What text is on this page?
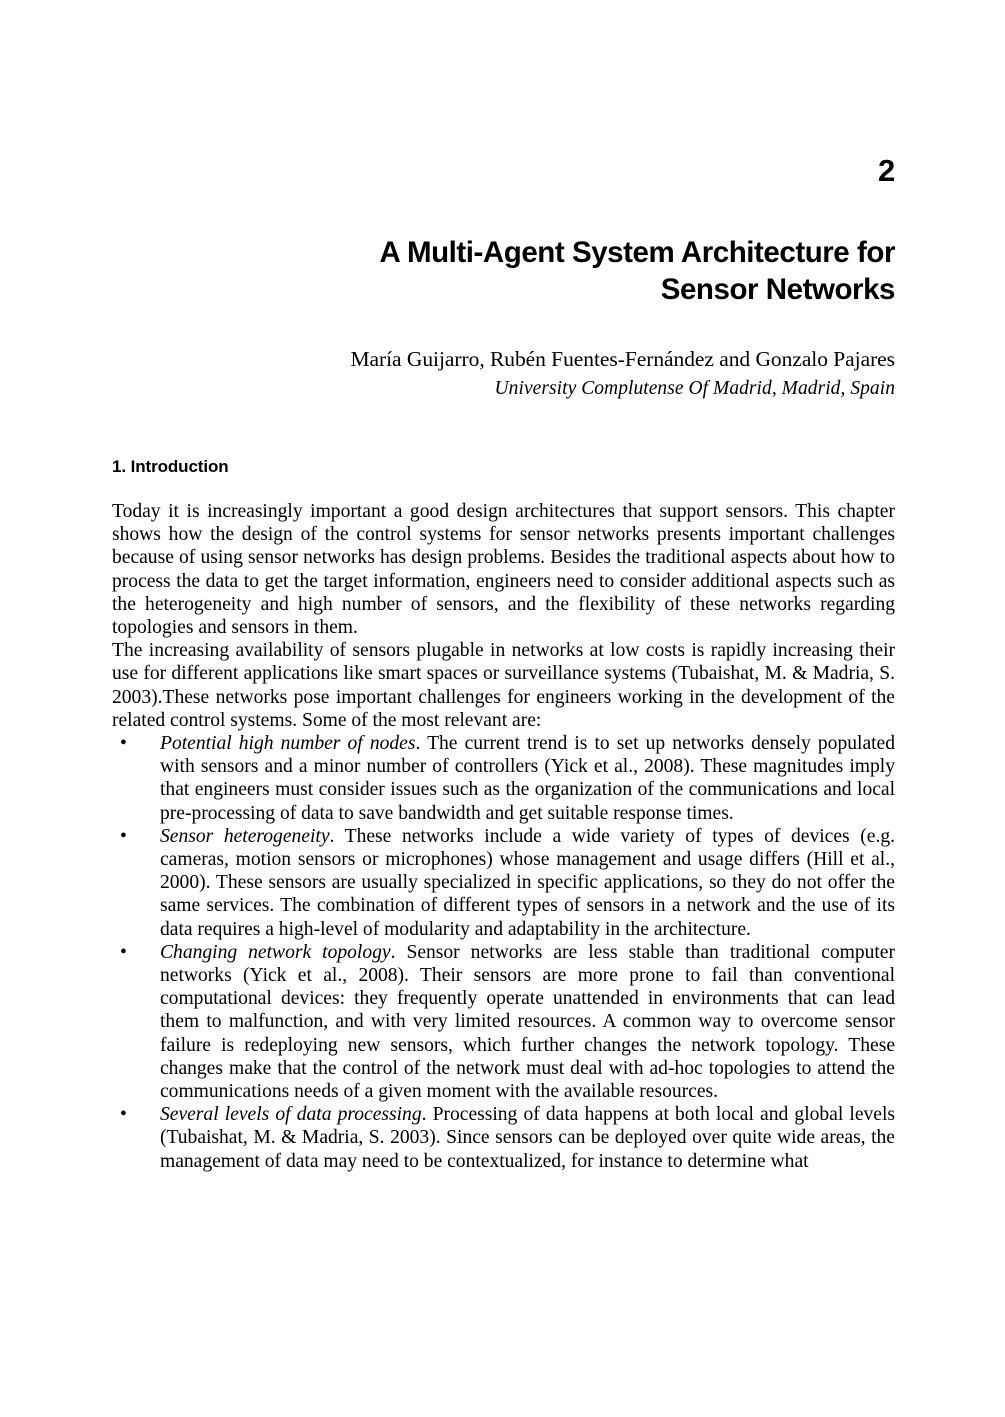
2
A Multi-Agent System Architecture for
Sensor Networks
María Guijarro, Rubén Fuentes-Fernández and Gonzalo Pajares
University Complutense Of Madrid, Madrid, Spain
1. Introduction

Today it is increasingly important a good design architectures that support sensors. This chapter shows how the design of the control systems for sensor networks presents important challenges because of using sensor networks has design problems. Besides the traditional aspects about how to process the data to get the target information, engineers need to consider additional aspects such as the heterogeneity and high number of sensors, and the flexibility of these networks regarding topologies and sensors in them.

The increasing availability of sensors plugable in networks at low costs is rapidly increasing their use for different applications like smart spaces or surveillance systems (Tubaishat, M. & Madria, S. 2003).These networks pose important challenges for engineers working in the development of the related control systems. Some of the most relevant are:

• Potential high number of nodes. The current trend is to set up networks densely populated with sensors and a minor number of controllers (Yick et al., 2008). These magnitudes imply that engineers must consider issues such as the organization of the communications and local pre-processing of data to save bandwidth and get suitable response times.
• Sensor heterogeneity. These networks include a wide variety of types of devices (e.g. cameras, motion sensors or microphones) whose management and usage differs (Hill et al., 2000). These sensors are usually specialized in specific applications, so they do not offer the same services. The combination of different types of sensors in a network and the use of its data requires a high-level of modularity and adaptability in the architecture.
• Changing network topology. Sensor networks are less stable than traditional computer networks (Yick et al., 2008). Their sensors are more prone to fail than conventional computational devices: they frequently operate unattended in environments that can lead them to malfunction, and with very limited resources. A common way to overcome sensor failure is redeploying new sensors, which further changes the network topology. These changes make that the control of the network must deal with ad-hoc topologies to attend the communications needs of a given moment with the available resources.
• Several levels of data processing. Processing of data happens at both local and global levels (Tubaishat, M. & Madria, S. 2003). Since sensors can be deployed over quite wide areas, the management of data may need to be contextualized, for instance to determine what
